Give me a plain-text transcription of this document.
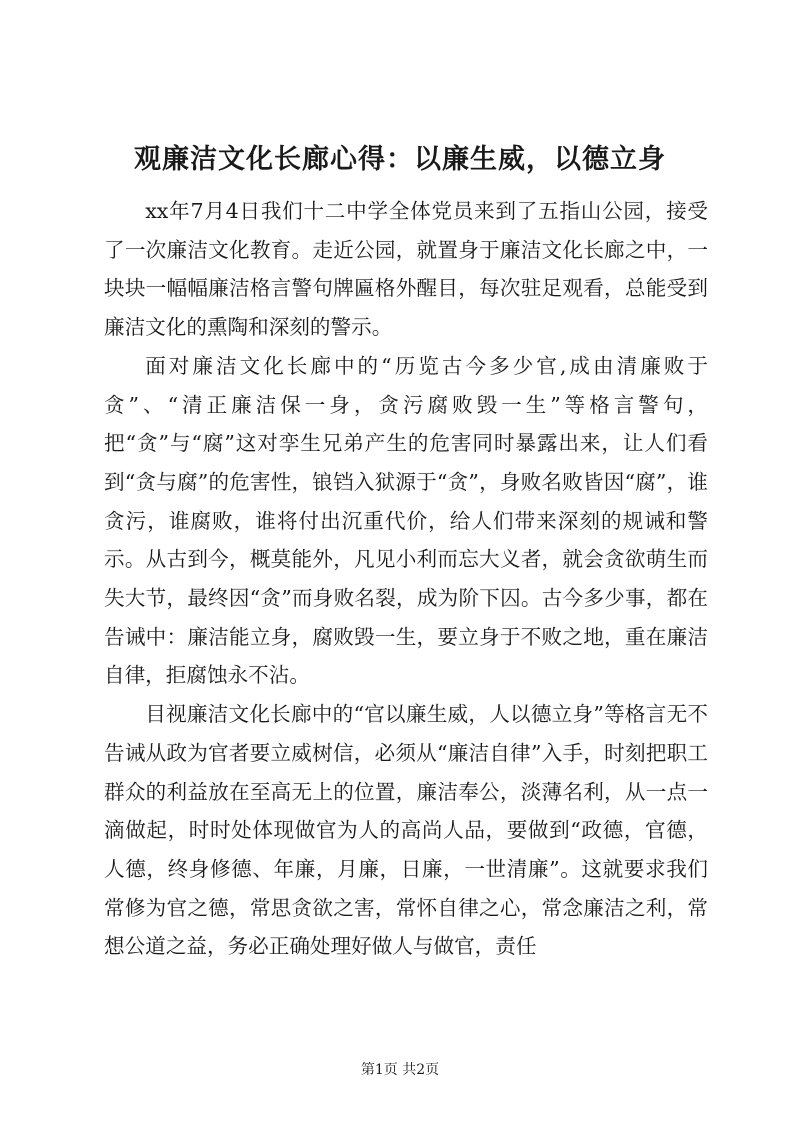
观廉洁文化长廊心得：以廉生威，以德立身

xx年7月4日我们十二中学全体党员来到了五指山公园，接受了一次廉洁文化教育。走近公园，就置身于廉洁文化长廊之中，一块块一幅幅廉洁格言警句牌匾格外醒目，每次驻足观看，总能受到廉洁文化的熏陶和深刻的警示。

面对廉洁文化长廊中的“历览古今多少官,成由清廉败于贪”、“清正廉洁保一身，贪污腐败毁一生”等格言警句，把“贪”与“腐”这对孪生兄弟产生的危害同时暴露出来，让人们看到“贪与腐”的危害性，锒铛入狱源于“贪”，身败名败皆因“腐”，谁贪污，谁腐败，谁将付出沉重代价，给人们带来深刻的规诫和警示。从古到今，概莫能外，凡见小利而忘大义者，就会贪欲萌生而失大节，最终因“贪”而身败名裂，成为阶下囚。古今多少事，都在告诫中：廉洁能立身，腐败毁一生，要立身于不败之地，重在廉洁自律，拒腐蚀永不沾。

目视廉洁文化长廊中的“官以廉生威，人以德立身”等格言无不告诫从政为官者要立威树信，必须从“廉洁自律”入手，时刻把职工群众的利益放在至高无上的位置，廉洁奉公，淡薄名利，从一点一滴做起，时时处体现做官为人的高尚人品，要做到“政德，官德，人德，终身修德、年廉，月廉，日廉，一世清廉”。这就要求我们常修为官之德，常思贪欲之害，常怀自律之心，常念廉洁之利，常想公道之益，务必正确处理好做人与做官，责任

第1页 共2页
